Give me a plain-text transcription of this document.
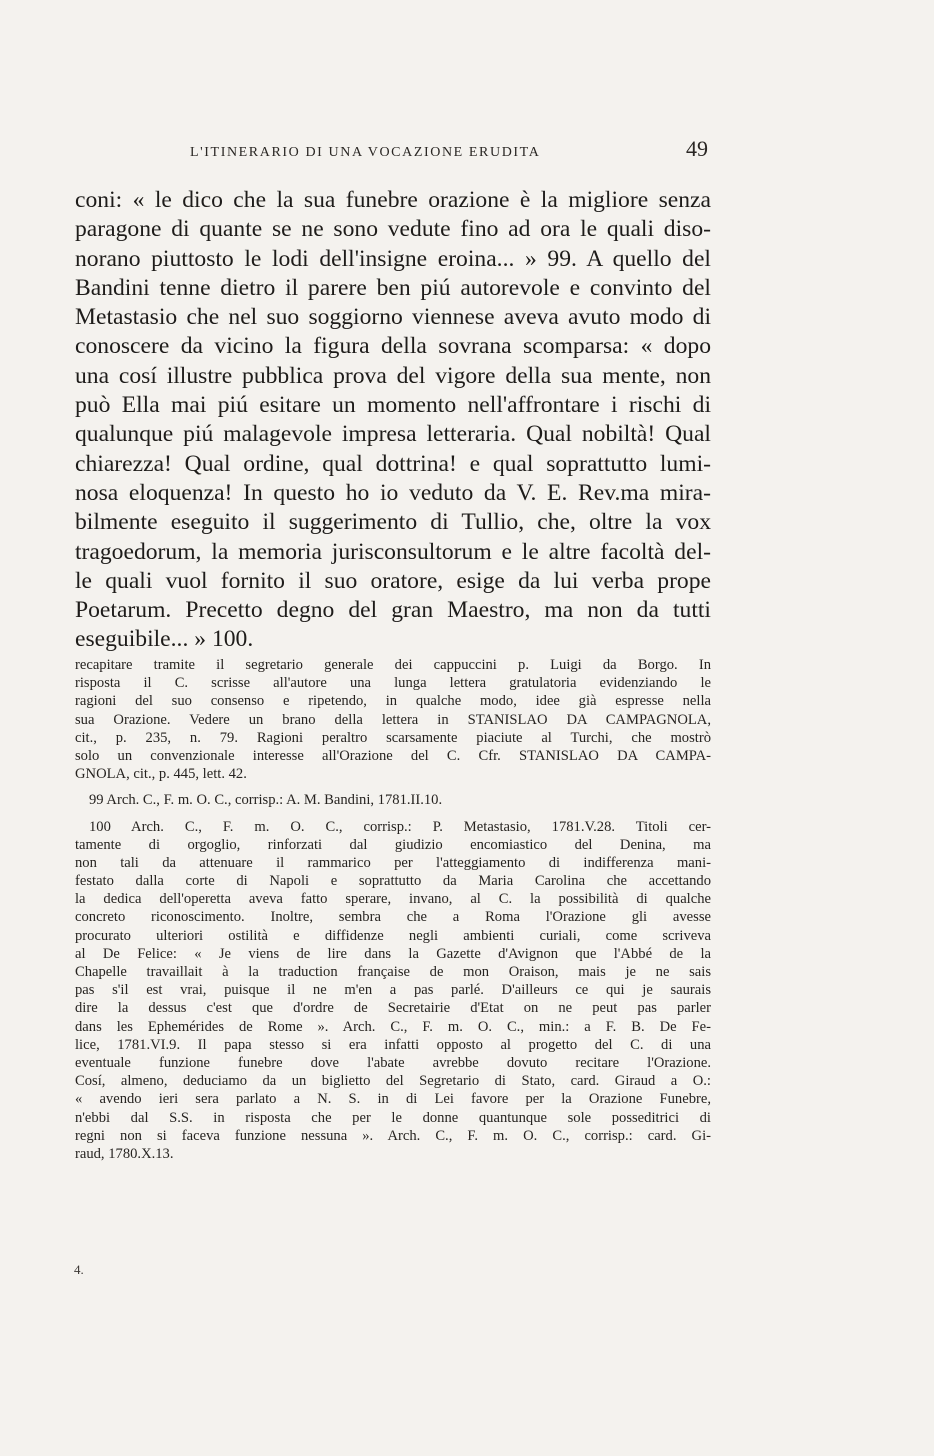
L'ITINERARIO DI UNA VOCAZIONE ERUDITA	49
coni: « le dico che la sua funebre orazione è la migliore senza
paragone di quante se ne sono vedute fino ad ora le quali diso-
norano piuttosto le lodi dell'insigne eroina... » 99. A quello del
Bandini tenne dietro il parere ben piú autorevole e convinto del
Metastasio che nel suo soggiorno viennese aveva avuto modo di
conoscere da vicino la figura della sovrana scomparsa: « dopo
una cosí illustre pubblica prova del vigore della sua mente, non
può Ella mai piú esitare un momento nell'affrontare i rischi di
qualunque piú malagevole impresa letteraria. Qual nobiltà! Qual
chiarezza! Qual ordine, qual dottrina! e qual soprattutto lumi-
nosa eloquenza! In questo ho io veduto da V. E. Rev.ma mira-
bilmente eseguito il suggerimento di Tullio, che, oltre la vox
tragoedorum, la memoria jurisconsultorum e le altre facoltà del-
le quali vuol fornito il suo oratore, esige da lui verba prope
Poetarum. Precetto degno del gran Maestro, ma non da tutti
eseguibile... » 100.
recapitare tramite il segretario generale dei cappuccini p. Luigi da Borgo. In
risposta il C. scrisse all'autore una lunga lettera gratulatoria evidenziando le
ragioni del suo consenso e ripetendo, in qualche modo, idee già espresse nella
sua Orazione. Vedere un brano della lettera in STANISLAO DA CAMPAGNOLA,
cit., p. 235, n. 79. Ragioni peraltro scarsamente piaciute al Turchi, che mostrò
solo un convenzionale interesse all'Orazione del C. Cfr. STANISLAO DA CAMPA-
GNOLA, cit., p. 445, lett. 42.
99 Arch. C., F. m. O. C., corrisp.: A. M. Bandini, 1781.II.10.
100 Arch. C., F. m. O. C., corrisp.: P. Metastasio, 1781.V.28. Titoli cer-
tamente di orgoglio, rinforzati dal giudizio encomiastico del Denina, ma
non tali da attenuare il rammarico per l'atteggiamento di indifferenza mani-
festato dalla corte di Napoli e soprattutto da Maria Carolina che accettando
la dedica dell'operetta aveva fatto sperare, invano, al C. la possibilità di qualche
concreto riconoscimento. Inoltre, sembra che a Roma l'Orazione gli avesse
procurato ulteriori ostilità e diffidenze negli ambienti curiali, come scriveva
al De Felice: « Je viens de lire dans la Gazette d'Avignon que l'Abbé de la
Chapelle travaillait à la traduction française de mon Oraison, mais je ne sais
pas s'il est vrai, puisque il ne m'en a pas parlé. D'ailleurs ce qui je saurais
dire la dessus c'est que d'ordre de Secretairie d'Etat on ne peut pas parler
dans les Ephemérides de Rome ». Arch. C., F. m. O. C., min.: a F. B. De Fe-
lice, 1781.VI.9. Il papa stesso si era infatti opposto al progetto del C. di una
eventuale funzione funebre dove l'abate avrebbe dovuto recitare l'Orazione.
Cosí, almeno, deduciamo da un biglietto del Segretario di Stato, card. Giraud a O.:
« avendo ieri sera parlato a N. S. in di Lei favore per la Orazione Funebre,
n'ebbi dal S.S. in risposta che per le donne quantunque sole posseditrici di
regni non si faceva funzione nessuna ». Arch. C., F. m. O. C., corrisp.: card. Gi-
raud, 1780.X.13.
4.
